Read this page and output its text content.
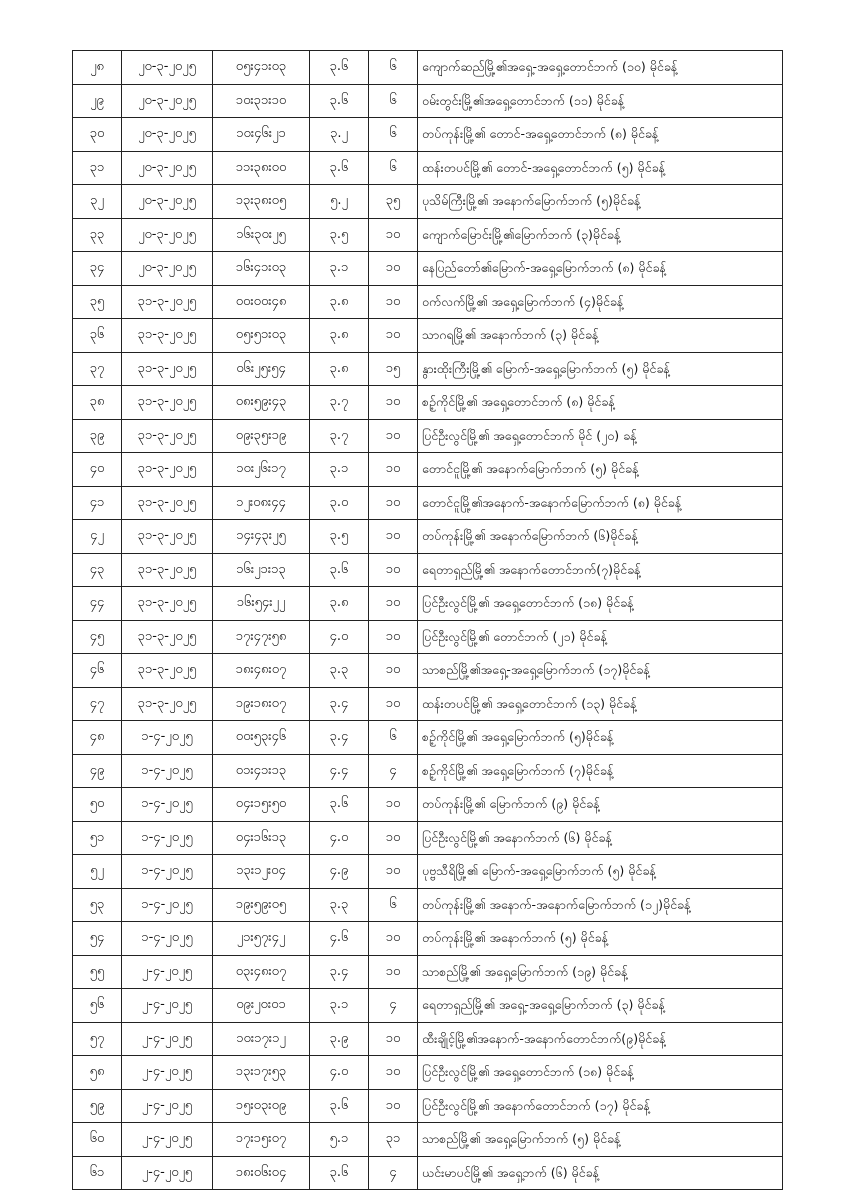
၂၈	၂၀-၃-၂၀၂၅	၀၅း၄၁း၀၃	၃.၆	၆	ကျောက်ဆည်မြို့၏အရှေ့-အရှေ့တောင်ဘက် (၁၀) မိုင်ခန့်
၂၉	၂၀-၃-၂၀၂၅	၁၀း၃၁း၁၀	၃.၆	၆	ဝမ်းတွင်းမြို့၏အရှေ့တောင်ဘက် (၁၁) မိုင်ခန့်
၃၀	၂၀-၃-၂၀၂၅	၁၀း၄၆း၂၁	၃.၂	၆	တပ်ကုန်းမြို့၏ တောင်-အရှေ့တောင်ဘက် (၈) မိုင်ခန့်
၃၁	၂၀-၃-၂၀၂၅	၁၁း၃၈း၀၀	၃.၆	၆	ထန်းတပင်မြို့၏ တောင်-အရှေ့တောင်ဘက် (၅) မိုင်ခန့်
၃၂	၂၀-၃-၂၀၂၅	၁၃း၃၈း၀၅	၅.၂	၃၅	ပုသိမ်ကြီးမြို့၏ အနောက်မြောက်ဘက် (၅)မိုင်ခန့်
၃၃	၂၀-၃-၂၀၂၅	၁၆း၃၀း၂၅	၃.၅	၁၀	ကျောက်မြောင်းမြို့၏မြောက်ဘက် (၃)မိုင်ခန့်
၃၄	၂၀-၃-၂၀၂၅	၁၆း၄၁း၀၃	၃.၁	၁၀	နေပြည်တော်၏မြောက်-အရှေ့မြောက်ဘက် (၈) မိုင်ခန့်
၃၅	၃၁-၃-၂၀၂၅	၀၀း၀၀း၄၈	၃.၈	၁၀	ဝက်လက်မြို့၏ အရှေ့မြောက်ဘက် (၄)မိုင်ခန့်
၃၆	၃၁-၃-၂၀၂၅	၀၅း၅၁း၀၃	၃.၈	၁၀	သာဂရမြို့၏ အနောက်ဘက် (၃) မိုင်ခန့်
၃၇	၃၁-၃-၂၀၂၅	၀၆း၂၅း၅၄	၃.၈	၁၅	နွားထိုးကြီးမြို့၏ မြောက်-အရှေ့မြောက်ဘက် (၅) မိုင်ခန့်
၃၈	၃၁-၃-၂၀၂၅	၀၈း၅၉း၄၃	၃.၇	၁၀	စဉ့်ကိုင်မြို့၏ အရှေ့တောင်ဘက် (၈) မိုင်ခန့်
၃၉	၃၁-၃-၂၀၂၅	၀၉း၃၅း၁၉	၃.၇	၁၀	ပြင်ဦးလွင်မြို့၏ အရှေ့တောင်ဘက် မိုင် (၂၀) ခန့်
၄၀	၃၁-၃-၂၀၂၅	၁၀း၂၆း၁၇	၃.၁	၁၀	တောင်ငူမြို့၏ အနောက်မြောက်ဘက် (၅) မိုင်ခန့်
၄၁	၃၁-၃-၂၀၂၅	၁၂း၀၈း၄၄	၃.၀	၁၀	တောင်ငူမြို့၏အနောက်-အနောက်မြောက်ဘက် (၈) မိုင်ခန့်
၄၂	၃၁-၃-၂၀၂၅	၁၄း၄၃း၂၅	၃.၅	၁၀	တပ်ကုန်းမြို့၏ အနောက်မြောက်ဘက် (၆)မိုင်ခန့်
၄၃	၃၁-၃-၂၀၂၅	၁၆း၂၁း၁၃	၃.၆	၁၀	ရေတာရှည်မြို့၏ အနောက်တောင်ဘက်(၇)မိုင်ခန့်
၄၄	၃၁-၃-၂၀၂၅	၁၆း၅၄း၂၂	၃.၈	၁၀	ပြင်ဦးလွင်မြို့၏ အရှေ့တောင်ဘက် (၁၈) မိုင်ခန့်
၄၅	၃၁-၃-၂၀၂၅	၁၇း၄၇း၅၈	၄.၀	၁၀	ပြင်ဦးလွင်မြို့၏ တောင်ဘက် (၂၁) မိုင်ခန့်
၄၆	၃၁-၃-၂၀၂၅	၁၈း၄၈း၀၇	၃.၃	၁၀	သာစည်မြို့၏အရှေ့-အရှေ့မြောက်ဘက် (၁၇)မိုင်ခန့်
၄၇	၃၁-၃-၂၀၂၅	၁၉း၁၈း၀၇	၃.၄	၁၀	ထန်းတပင်မြို့၏ အရှေ့တောင်ဘက် (၁၃) မိုင်ခန့်
၄၈	၁-၄-၂၀၂၅	၀၀း၅၃း၄၆	၃.၄	၆	စဉ့်ကိုင်မြို့၏ အရှေ့မြောက်ဘက် (၅)မိုင်ခန့်
၄၉	၁-၄-၂၀၂၅	၀၁း၄၁း၁၃	၄.၄	၄	စဉ့်ကိုင်မြို့၏ အရှေ့မြောက်ဘက် (၇)မိုင်ခန့်
၅၀	၁-၄-၂၀၂၅	၀၄း၁၅း၅၀	၃.၆	၁၀	တပ်ကုန်းမြို့၏ မြောက်ဘက် (၉) မိုင်ခန့်
၅၁	၁-၄-၂၀၂၅	၀၄း၁၆း၁၃	၄.၀	၁၀	ပြင်ဦးလွင်မြို့၏ အနောက်ဘက် (၆) မိုင်ခန့်
၅၂	၁-၄-၂၀၂၅	၁၃း၁၂း၀၄	၄.၉	၁၀	ပုဗ္ဗသီရိမြို့၏ မြောက်-အရှေ့မြောက်ဘက် (၅) မိုင်ခန့်
၅၃	၁-၄-၂၀၂၅	၁၉း၅၉း၀၅	၃.၃	၆	တပ်ကုန်းမြို့၏ အနောက်-အနောက်မြောက်ဘက် (၁၂)မိုင်ခန့်
၅၄	၁-၄-၂၀၂၅	၂၁း၅၇း၄၂	၄.၆	၁၀	တပ်ကုန်းမြို့၏ အနောက်ဘက် (၅) မိုင်ခန့်
၅၅	၂-၄-၂၀၂၅	၀၃း၄၈း၀၇	၃.၄	၁၀	သာစည်မြို့၏ အရှေ့မြောက်ဘက် (၁၉) မိုင်ခန့်
၅၆	၂-၄-၂၀၂၅	၀၉း၂၀း၀၁	၃.၁	၄	ရေတာရှည်မြို့၏ အရှေ့-အရှေ့မြောက်ဘက် (၃) မိုင်ခန့်
၅၇	၂-၄-၂၀၂၅	၁၀း၁၇း၁၂	၃.၉	၁၀	ထီးချိုင့်မြို့၏အနောက်-အနောက်တောင်ဘက်(၉)မိုင်ခန့်
၅၈	၂-၄-၂၀၂၅	၁၃း၁၇း၅၃	၄.၀	၁၀	ပြင်ဦးလွင်မြို့၏ အရှေ့တောင်ဘက် (၁၈) မိုင်ခန့်
၅၉	၂-၄-၂၀၂၅	၁၅း၀၃း၀၉	၃.၆	၁၀	ပြင်ဦးလွင်မြို့၏ အနောက်တောင်ဘက် (၁၇) မိုင်ခန့်
၆၀	၂-၄-၂၀၂၅	၁၇း၁၅း၀၇	၅.၁	၃၁	သာစည်မြို့၏ အရှေ့မြောက်ဘက် (၅) မိုင်ခန့်
၆၁	၂-၄-၂၀၂၅	၁၈း၀၆း၀၄	၃.၆	၄	ယင်းမာပင်မြို့၏ အရှေ့ဘက် (၆) မိုင်ခန့်
